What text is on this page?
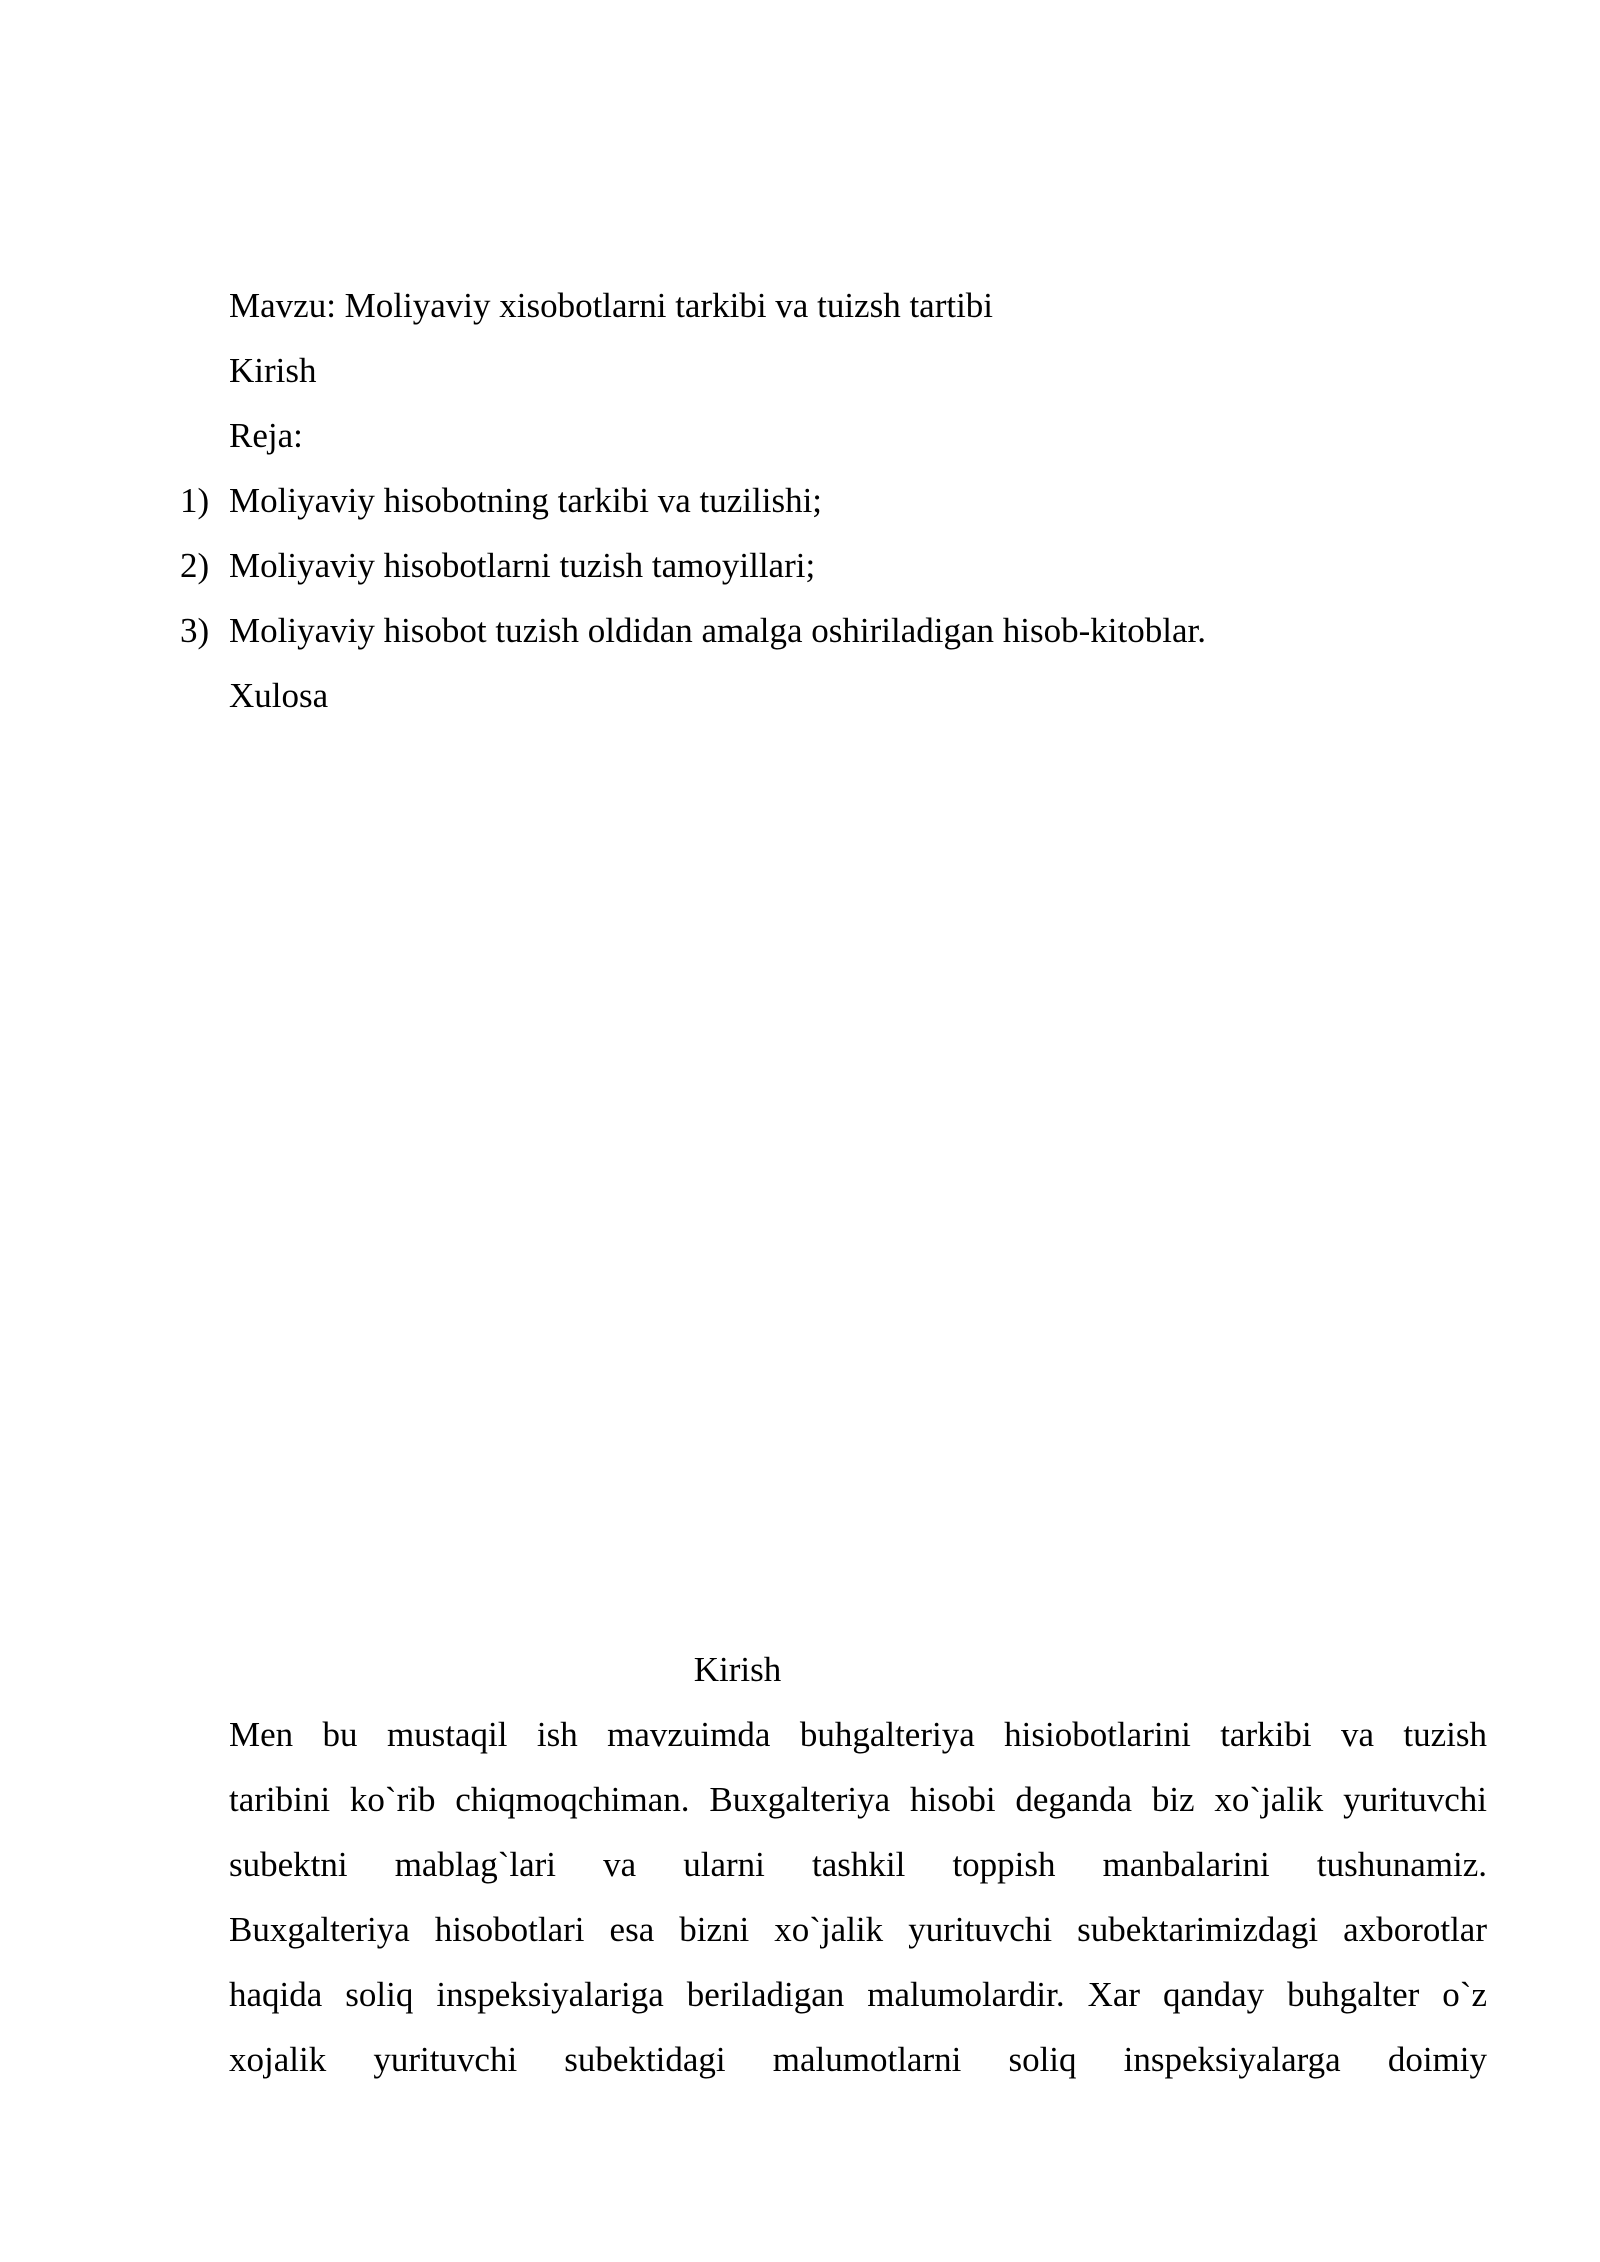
Mavzu: Moliyaviy xisobotlarni tarkibi va tuizsh tartibi
Kirish
Reja:
1) Moliyaviy hisobotning tarkibi va tuzilishi;
2) Moliyaviy hisobotlarni tuzish tamoyillari;
3) Moliyaviy hisobot tuzish oldidan amalga oshiriladigan hisob-kitoblar.
Xulosa
Kirish
Men bu mustaqil ish mavzuimda buhgalteriya hisiobotlarini tarkibi va tuzish
taribini ko`rib chiqmoqchiman. Buxgalteriya hisobi deganda biz xo`jalik yurituvchi
subektni mablag`lari va ularni tashkil toppish manbalarini tushunamiz.
Buxgalteriya hisobotlari esa bizni xo`jalik yurituvchi subektarimizdagi axborotlar
haqida soliq inspeksiyalariga beriladigan malumolardir. Xar qanday buhgalter o`z
xojalik yurituvchi subektidagi malumotlarni soliq inspeksiyalarga doimiy
